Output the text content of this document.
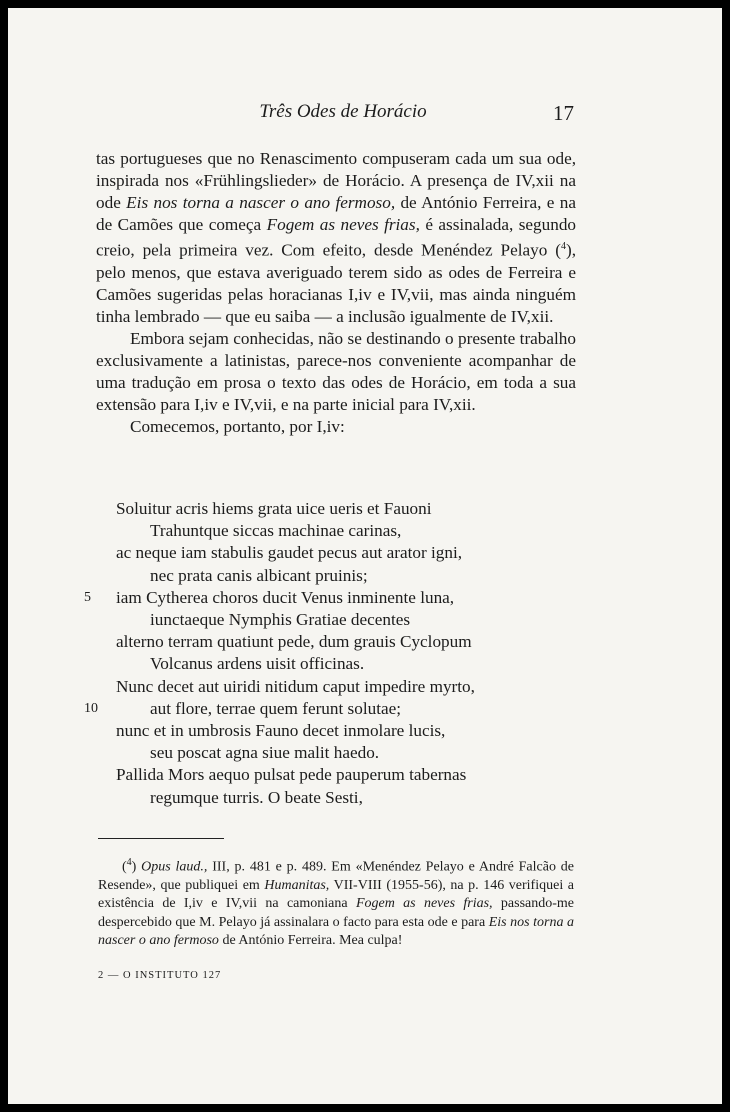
Três Odes de Horácio	17

tas portugueses que no Renascimento compuseram cada um sua ode, inspirada nos «Frühlingslieder» de Horácio. A presença de IV,xii na ode Eis nos torna a nascer o ano fermoso, de António Ferreira, e na de Camões que começa Fogem as neves frias, é assinalada, segundo creio, pela primeira vez. Com efeito, desde Menéndez Pelayo ($^4$), pelo menos, que estava averiguado terem sido as odes de Ferreira e Camões sugeridas pelas horacianas I,iv e IV,vii, mas ainda ninguém tinha lembrado — que eu saiba — a inclusão igualmente de IV,xii.

Embora sejam conhecidas, não se destinando o presente trabalho exclusivamente a latinistas, parece-nos conveniente acompanhar de uma tradução em prosa o texto das odes de Horácio, em toda a sua extensão para I,iv e IV,vii, e na parte inicial para IV,xii.

Comecemos, portanto, por I,iv:

Soluitur acris hiems grata uice ueris et Fauoni
Trahuntque siccas machinae carinas,
ac neque iam stabulis gaudet pecus aut arator igni,
nec prata canis albicant pruinis;
5 iam Cytherea choros ducit Venus inminente luna,
iunctaeque Nymphis Gratiae decentes
alterno terram quatiunt pede, dum grauis Cyclopum
Volcanus ardens uisit officinas.
Nunc decet aut uiridi nitidum caput impedire myrto,
10	aut flore, terrae quem ferunt solutae;
nunc et in umbrosis Fauno decet inmolare lucis,
seu poscat agna siue malit haedo.
Pallida Mors aequo pulsat pede pauperum tabernas
regumque turris. O beate Sesti,

($^4$) Opus laud., III, p. 481 e p. 489. Em «Menéndez Pelayo e André Falcão de Resende», que publiquei em Humanitas, VII-VIII (1955-56), na p. 146 verifiquei a existência de I,iv e IV,vii na camoniana Fogem as neves frias, passando-me despercebido que M. Pelayo já assinalara o facto para esta ode e para Eis nos torna a nascer o ano fermoso de António Ferreira. Mea culpa!

2 — O INSTITUTO 127
